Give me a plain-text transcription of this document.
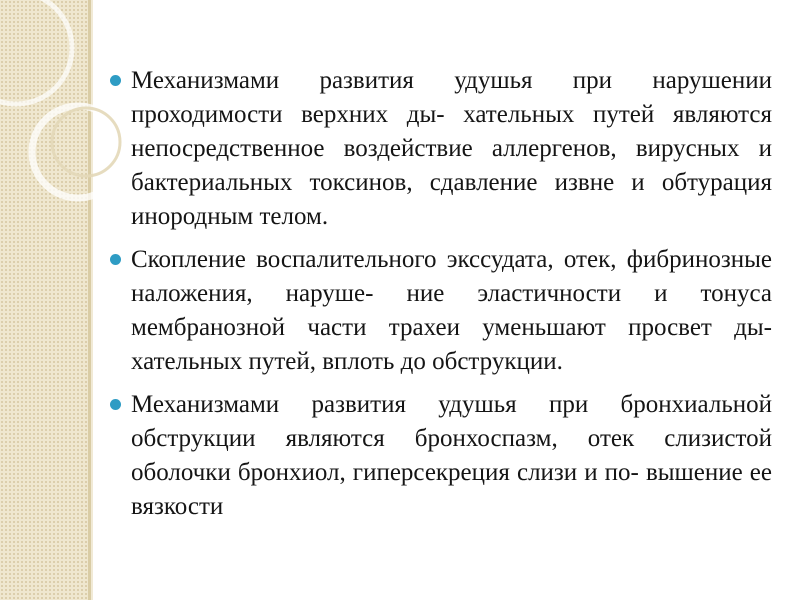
Механизмами развития удушья при нарушении проходимости верхних ды- хательных путей являются непосредственное воздействие аллергенов, вирусных и бактериальных токсинов, сдавление извне и обтурация инородным телом.
Скопление воспалительного экссудата, отек, фибринозные наложения, наруше- ние эластичности и тонуса мембранозной части трахеи уменьшают просвет ды- хательных путей, вплоть до обструкции.
Механизмами развития удушья при бронхиальной обструкции являются бронхоспазм, отек слизистой оболочки бронхиол, гиперсекреция слизи и по- вышение ее вязкости
